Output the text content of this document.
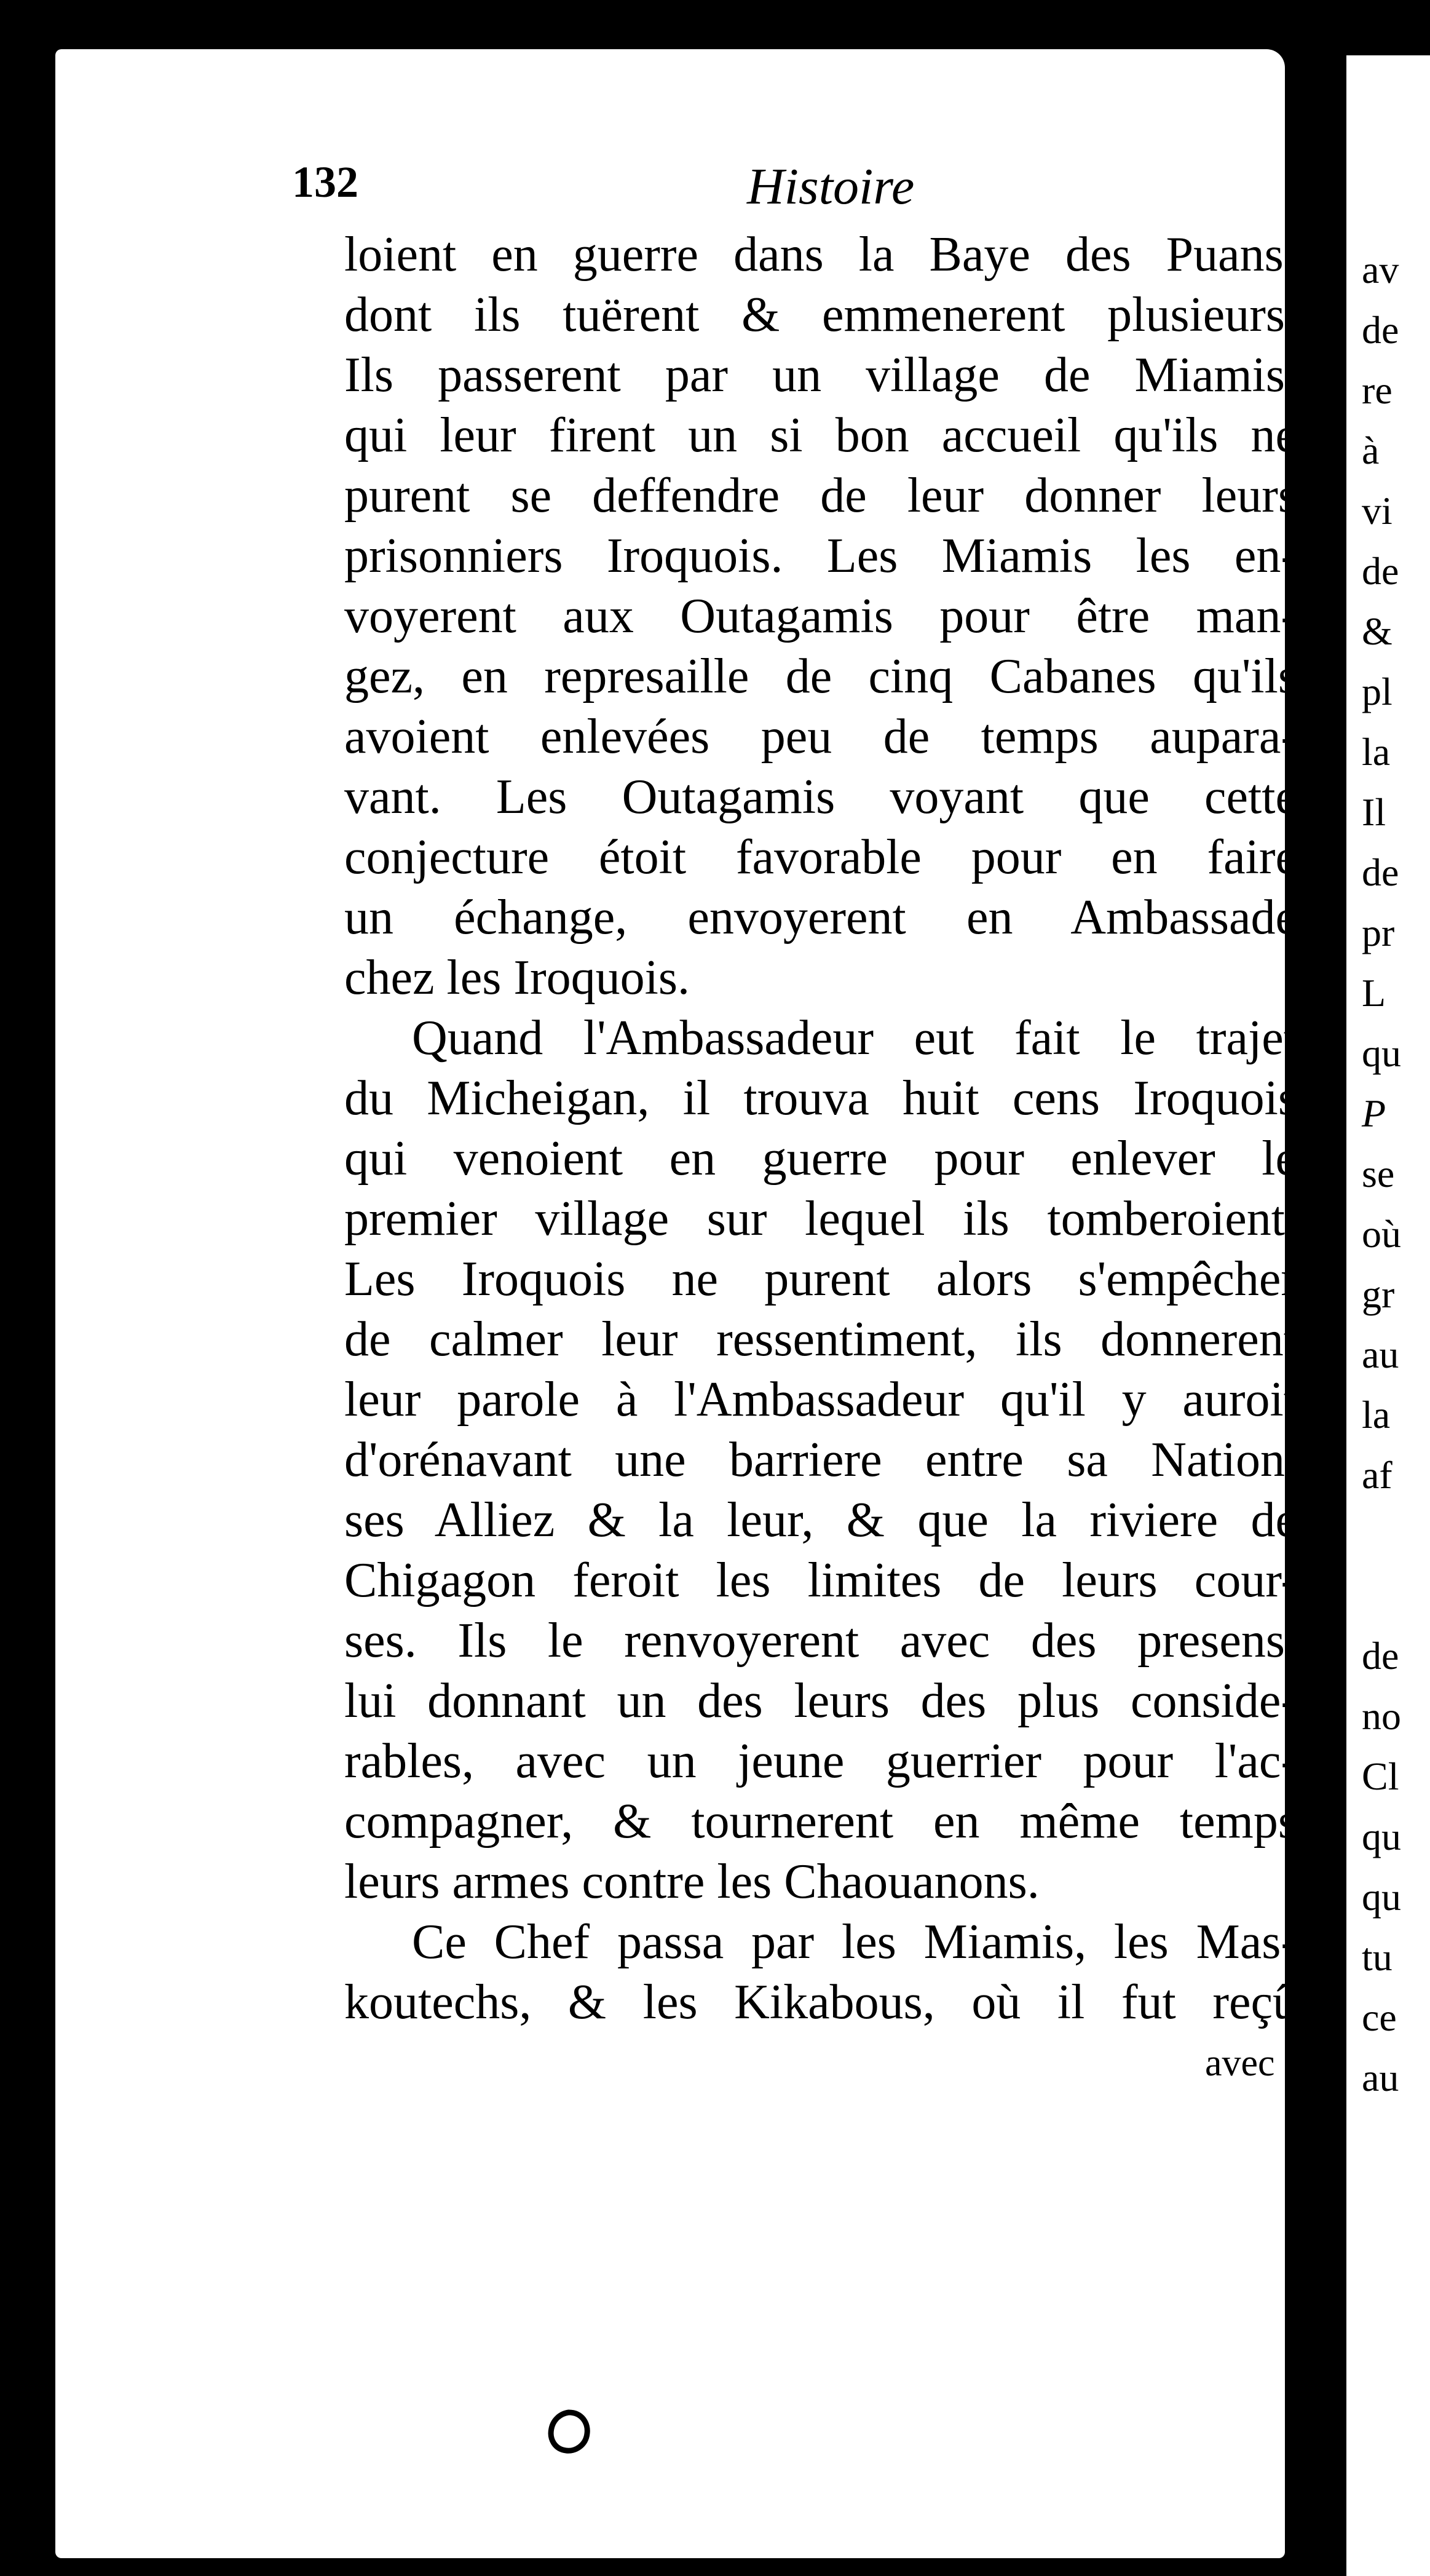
132	Histoire
loient en guerre dans la Baye des Puans;
dont ils tuërent & emmenerent plusieurs.
Ils passerent par un village de Miamis,
qui leur firent un si bon accueil qu'ils ne
purent se deffendre de leur donner leurs
prisonniers Iroquois. Les Miamis les en-
voyerent aux Outagamis pour être man-
gez, en represaille de cinq Cabanes qu'ils
avoient enlevées peu de temps aupara-
vant. Les Outagamis voyant que cette
conjecture étoit favorable pour en faire
un échange, envoyerent en Ambassade
chez les Iroquois.
Quand l'Ambassadeur eut fait le trajet
du Micheigan, il trouva huit cens Iroquois
qui venoient en guerre pour enlever le
premier village sur lequel ils tomberoient.
Les Iroquois ne purent alors s'empêcher
de calmer leur ressentiment, ils donnerent
leur parole à l'Ambassadeur qu'il y auroit
d'orénavant une barriere entre sa Nation,
ses Alliez & la leur, & que la riviere de
Chigagon feroit les limites de leurs cour-
ses. Ils le renvoyerent avec des presens,
lui donnant un des leurs des plus conside-
rables, avec un jeune guerrier pour l'ac-
compagner, & tournerent en même temps
leurs armes contre les Chaouanons.
Ce Chef passa par les Miamis, les Mas-
koutechs, & les Kikabous, où il fut reçû
avec
av
de
re
à
vi
de
&
pl
la
Il
de
pr
L
qu
P
se
où
gr
au
la
af
de
no
Cl
qu
qu
tu
ce
au
